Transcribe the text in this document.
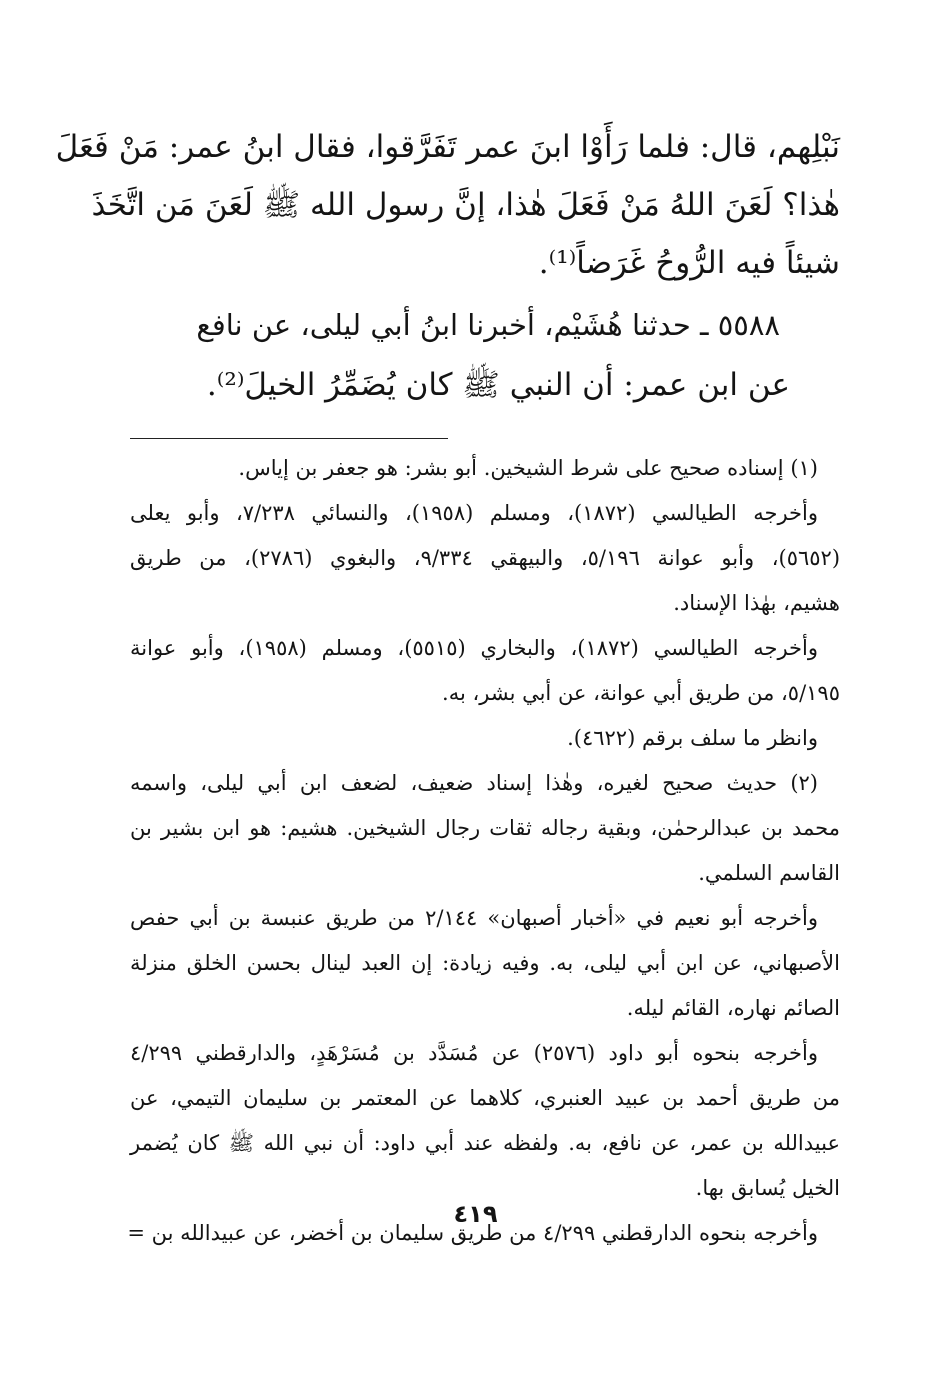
نَبْلِهم، قال: فلما رَأَوْا ابنَ عمر تَفَرَّقوا، فقال ابنُ عمر: مَنْ فَعَلَ
هٰذا؟ لَعَنَ اللهُ مَنْ فَعَلَ هٰذا، إنَّ رسول الله ﷺ لَعَنَ مَن اتَّخَذَ
شيئاً فيه الرُّوحُ غَرَضاً⁽¹⁾.
٥٥٨٨ ـ حدثنا هُشَيْم، أخبرنا ابنُ أبي ليلى، عن نافع
عن ابن عمر: أن النبي ﷺ كان يُضَمِّرُ الخيلَ⁽²⁾.
(١) إسناده صحيح على شرط الشيخين. أبو بشر: هو جعفر بن إياس.
وأخرجه الطيالسي (١٨٧٢)، ومسلم (١٩٥٨)، والنسائي ٧/٢٣٨، وأبو يعلى
(٥٦٥٢)، وأبو عوانة ٥/١٩٦، والبيهقي ٩/٣٣٤، والبغوي (٢٧٨٦)، من طريق
هشيم، بهٰذا الإسناد.
وأخرجه الطيالسي (١٨٧٢)، والبخاري (٥٥١٥)، ومسلم (١٩٥٨)، وأبو عوانة
٥/١٩٥، من طريق أبي عوانة، عن أبي بشر، به.
وانظر ما سلف برقم (٤٦٢٢).
(٢) حديث صحيح لغيره، وهٰذا إسناد ضعيف، لضعف ابن أبي ليلى، واسمه
محمد بن عبدالرحمٰن، وبقية رجاله ثقات رجال الشيخين. هشيم: هو ابن بشير بن
القاسم السلمي.
وأخرجه أبو نعيم في «أخبار أصبهان» ٢/١٤٤ من طريق عنبسة بن أبي حفص
الأصبهاني، عن ابن أبي ليلى، به. وفيه زيادة: إن العبد لينال بحسن الخلق منزلة
الصائم نهاره، القائم ليله.
وأخرجه بنحوه أبو داود (٢٥٧٦) عن مُسَدَّد بن مُسَرْهَدٍ، والدارقطني ٤/٢٩٩
من طريق أحمد بن عبيد العنبري، كلاهما عن المعتمر بن سليمان التيمي، عن
عبيدالله بن عمر، عن نافع، به. ولفظه عند أبي داود: أن نبي الله ﷺ كان يُضمر
الخيل يُسابق بها.
وأخرجه بنحوه الدارقطني ٤/٢٩٩ من طريق سليمان بن أخضر، عن عبيدالله بن =
٤١٩
